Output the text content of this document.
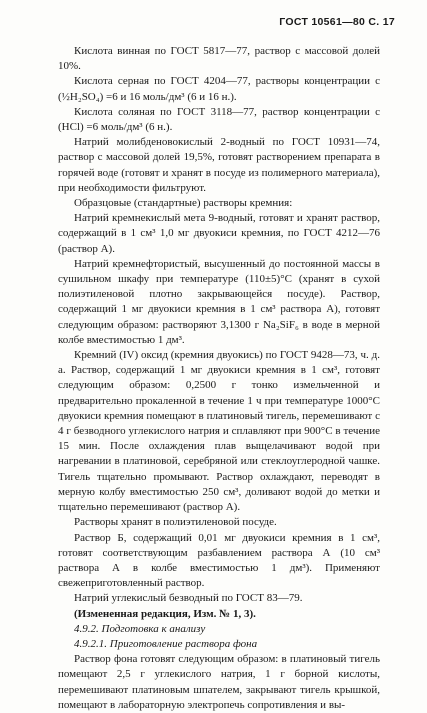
ГОСТ 10561—80 С. 17

Кислота винная по ГОСТ 5817—77, раствор с массовой долей 10%.

Кислота серная по ГОСТ 4204—77, растворы концентрации c (½H₂SO₄) =6 и 16 моль/дм³ (6 и 16 н.).

Кислота соляная по ГОСТ 3118—77, раствор концентрации c (HCl) =6 моль/дм³ (6 н.).

Натрий молибденовокислый 2-водный по ГОСТ 10931—74, раствор с массовой долей 19,5%, готовят растворением препарата в горячей воде (готовят и хранят в посуде из полимерного материала), при необходимости фильтруют.

Образцовые (стандартные) растворы кремния:

Натрий кремнекислый мета 9-водный, готовят и хранят раствор, содержащий в 1 см³ 1,0 мг двуокиси кремния, по ГОСТ 4212—76 (раствор А).

Натрий кремнефтористый, высушенный до постоянной массы в сушильном шкафу при температуре (110±5)°С (хранят в сухой полиэтиленовой плотно закрывающейся посуде). Раствор, содержащий 1 мг двуокиси кремния в 1 см³ раствора А), готовят следующим образом: растворяют 3,1300 г Na₂SiF₆ в воде в мерной колбе вместимостью 1 дм³.

Кремний (IV) оксид (кремния двуокись) по ГОСТ 9428—73, ч. д. а. Раствор, содержащий 1 мг двуокиси кремния в 1 см³, готовят следующим образом: 0,2500 г тонко измельченной и предварительно прокаленной в течение 1 ч при температуре 1000°С двуокиси кремния помещают в платиновый тигель, перемешивают с 4 г безводного углекислого натрия и сплавляют при 900°С в течение 15 мин. После охлаждения плав выщелачивают водой при нагревании в платиновой, серебряной или стеклоуглеродной чашке. Тигель тщательно промывают. Раствор охлаждают, переводят в мерную колбу вместимостью 250 см³, доливают водой до метки и тщательно перемешивают (раствор А).

Растворы хранят в полиэтиленовой посуде.

Раствор Б, содержащий 0,01 мг двуокиси кремния в 1 см³, готовят соответствующим разбавлением раствора А (10 см³ раствора А в колбе вместимостью 1 дм³). Применяют свежеприготовленный раствор.

Натрий углекислый безводный по ГОСТ 83—79.

(Измененная редакция, Изм. № 1, 3).

4.9.2. Подготовка к анализу

4.9.2.1. Приготовление раствора фона

Раствор фона готовят следующим образом: в платиновый тигель помещают 2,5 г углекислого натрия, 1 г борной кислоты, перемешивают платиновым шпателем, закрывают тигель крышкой, помещают в лабораторную электропечь сопротивления и вы-
